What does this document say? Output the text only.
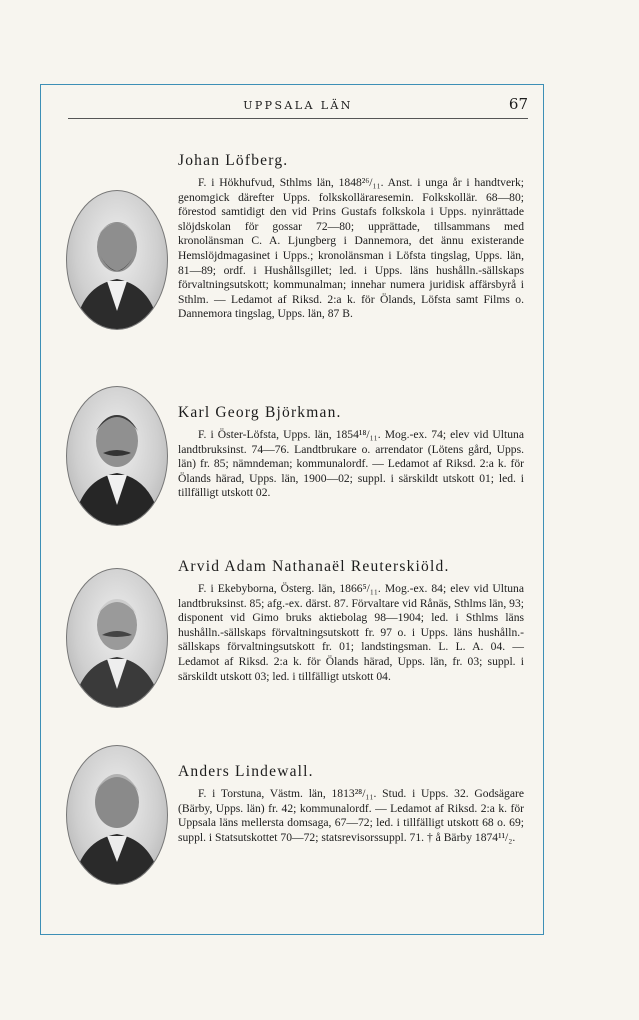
UPPSALA LÄN	67
Johan Löfberg.

F. i Hökhufvud, Sthlms län, 1848²⁶/₁₁. Anst. i unga år i handtverk; genomgick därefter Upps. folkskolläraresemin. Folkskollär. 68—80; förestod samtidigt den vid Prins Gustafs folkskola i Upps. nyinrättade slöjdskolan för gossar 72—80; upprättade, tillsammans med kronolänsman C. A. Ljungberg i Dannemora, det ännu existerande Hemslöjdmagasinet i Upps.; kronolänsman i Löfsta tingslag, Upps. län, 81—89; ordf. i Hushållsgillet; led. i Upps. läns hushålln.-sällskaps förvaltningsutskott; kommunalman; innehar numera juridisk affärsbyrå i Sthlm. — Ledamot af Riksd. 2:a k. för Ölands, Löfsta samt Films o. Dannemora tingslag, Upps. län, 87 B.

Karl Georg Björkman.

F. i Öster-Löfsta, Upps. län, 1854¹⁸/₁₁. Mog.-ex. 74; elev vid Ultuna landtbruksinst. 74—76. Landtbrukare o. arrendator (Lötens gård, Upps. län) fr. 85; nämndeman; kommunalordf. — Ledamot af Riksd. 2:a k. för Ölands härad, Upps. län, 1900—02; suppl. i särskildt utskott 01; led. i tillfälligt utskott 02.

Arvid Adam Nathanaël Reuterskiöld.

F. i Ekebyborna, Österg. län, 1866⁵/₁₁. Mog.-ex. 84; elev vid Ultuna landtbruksinst. 85; afg.-ex. därst. 87. Förvaltare vid Rånäs, Sthlms län, 93; disponent vid Gimo bruks aktiebolag 98—1904; led. i Sthlms läns hushålln.-sällskaps förvaltningsutskott fr. 97 o. i Upps. läns hushålln.-sällskaps förvaltningsutskott fr. 01; landstingsman. L. L. A. 04. — Ledamot af Riksd. 2:a k. för Ölands härad, Upps. län, fr. 03; suppl. i särskildt utskott 03; led. i tillfälligt utskott 04.

Anders Lindewall.

F. i Torstuna, Västm. län, 1813²⁸/₁₁. Stud. i Upps. 32. Godsägare (Bärby, Upps. län) fr. 42; kommunalordf. — Ledamot af Riksd. 2:a k. för Uppsala läns mellersta domsaga, 67—72; led. i tillfälligt utskott 68 o. 69; suppl. i Statsutskottet 70—72; statsrevisorssuppl. 71. † å Bärby 1874¹¹/₂.
